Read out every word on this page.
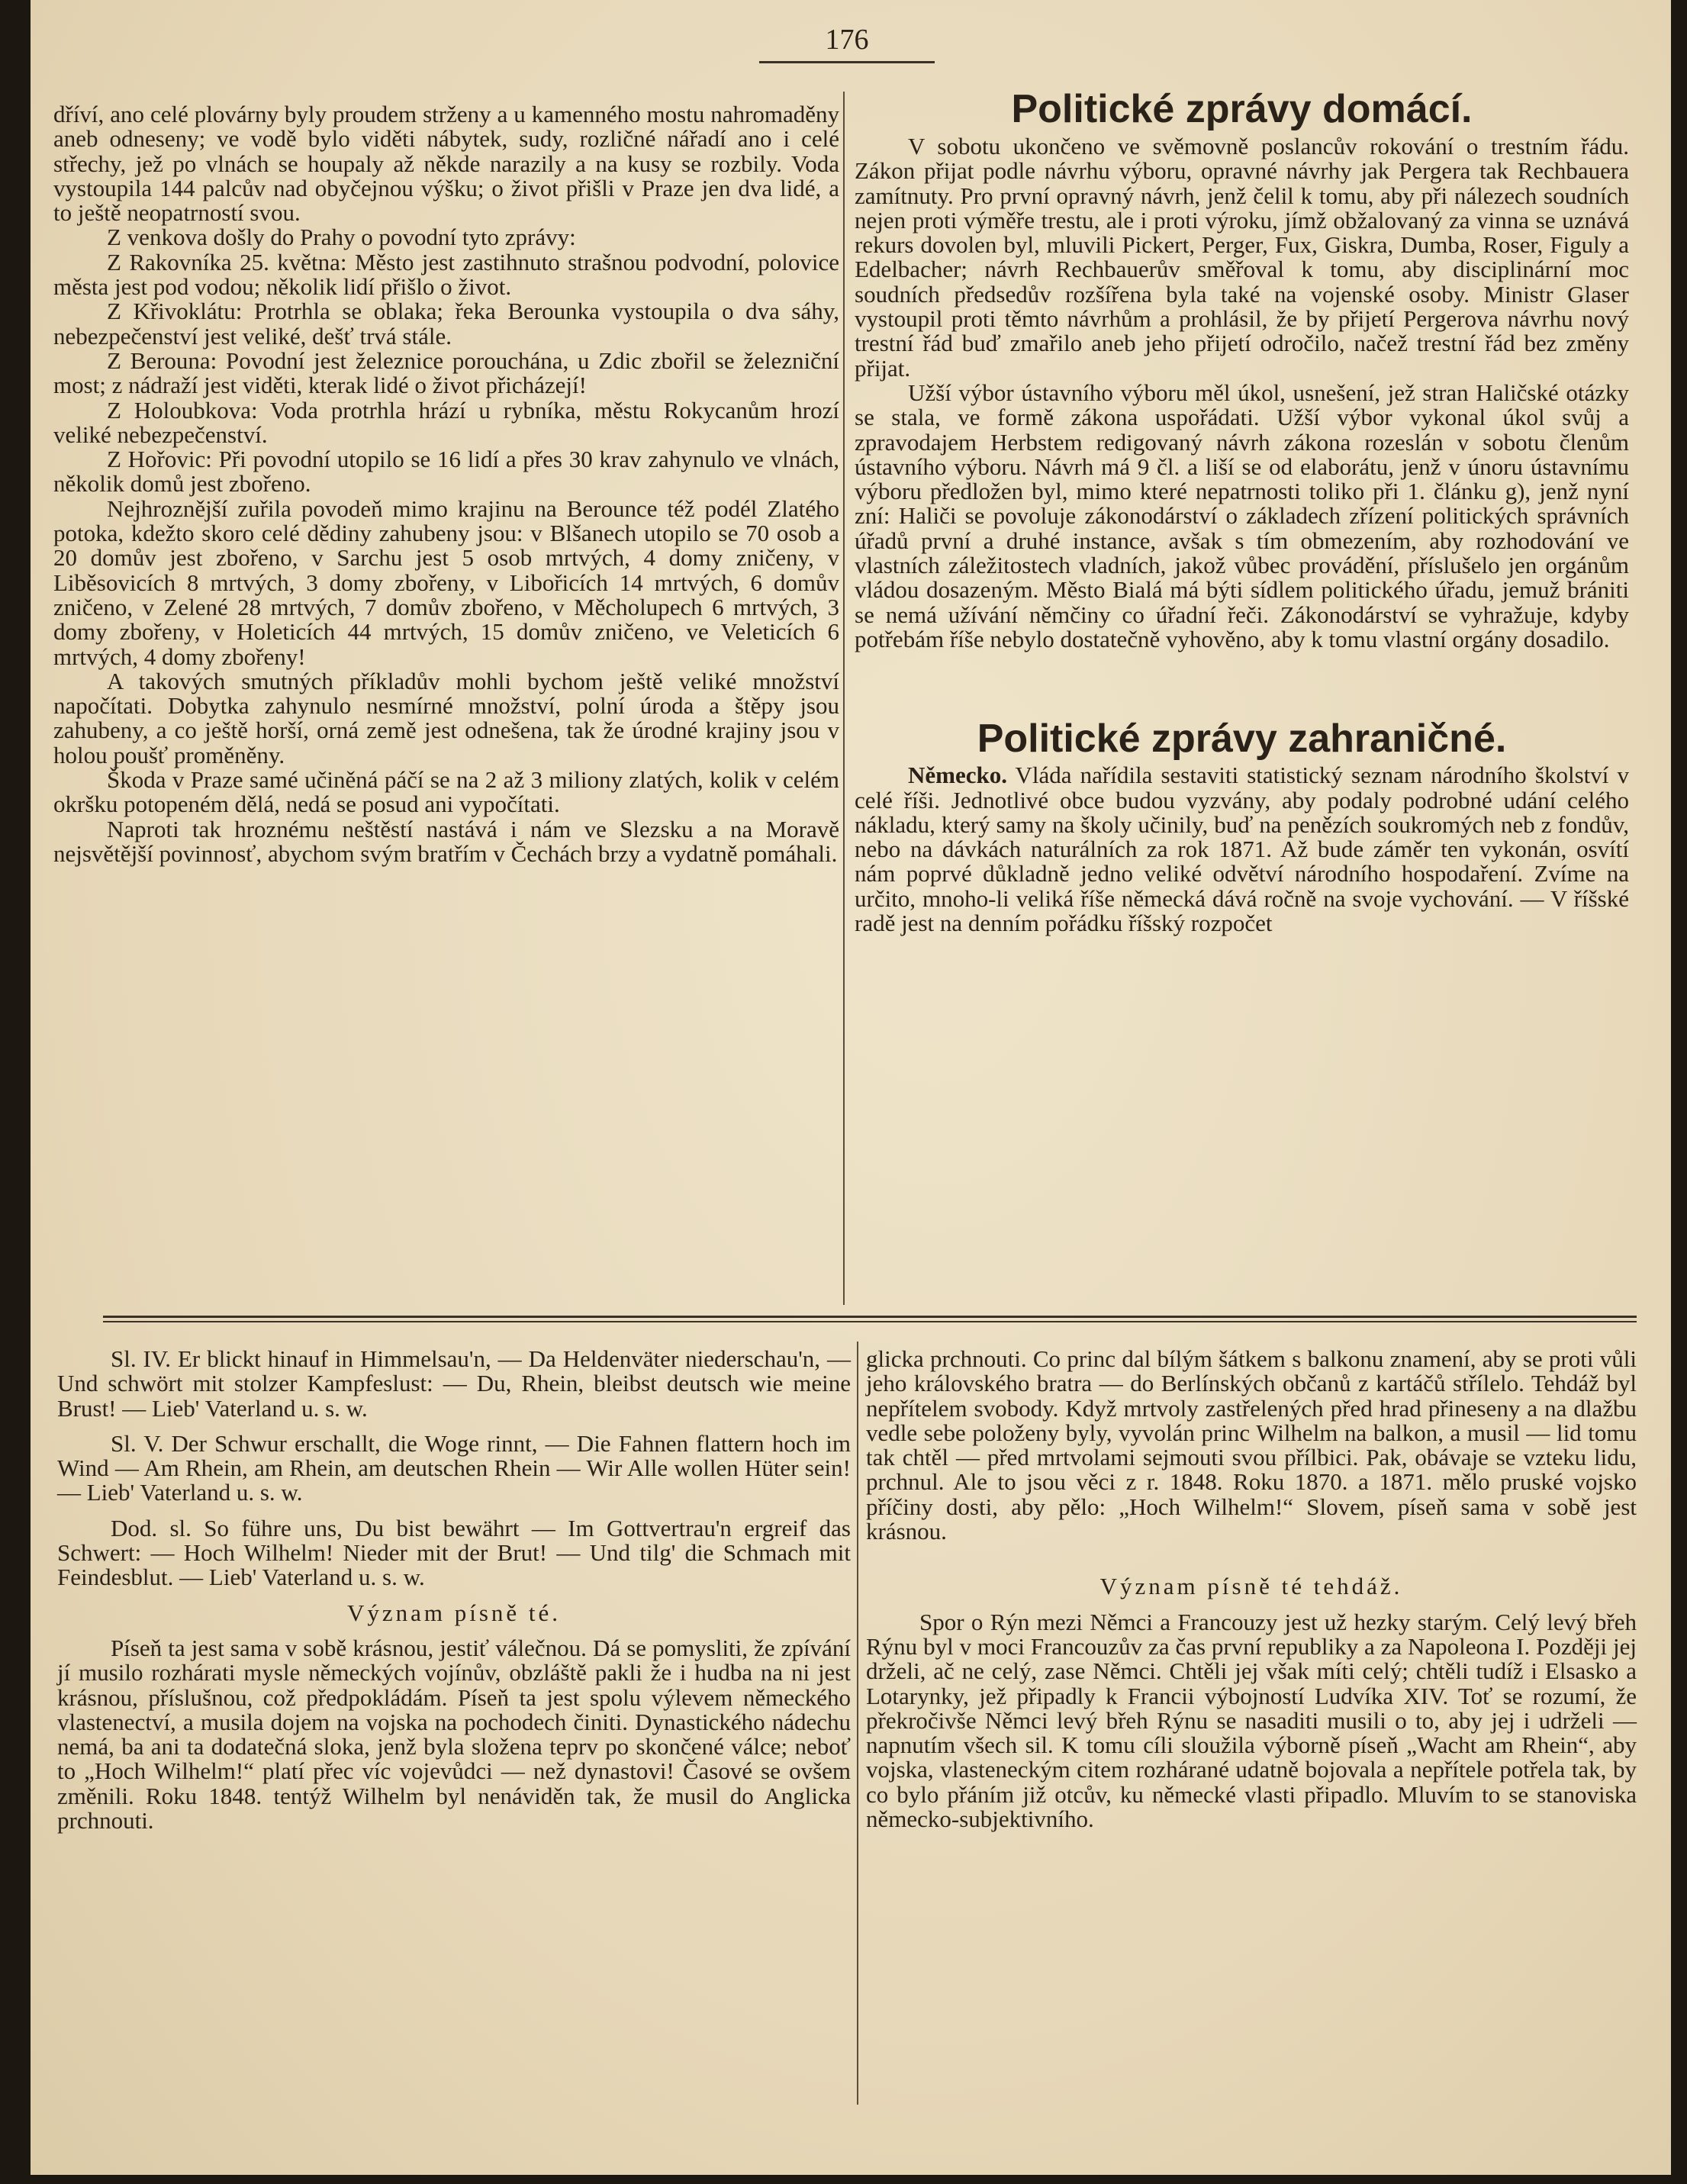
176

dříví, ano celé plovárny byly proudem strženy a u kamenného mostu nahromaděny aneb odneseny; ve vodě bylo viděti nábytek, sudy, rozličné nářadí ano i celé střechy, jež po vlnách se houpaly až někde narazily a na kusy se rozbily. Voda vystoupila 144 palcův nad obyčejnou výšku; o život přišli v Praze jen dva lidé, a to ještě neopatrností svou.

Z venkova došly do Prahy o povodní tyto zprávy:

Z Rakovníka 25. května: Město jest zastihnuto strašnou podvodní, polovice města jest pod vodou; několik lidí přišlo o život.

Z Křivoklátu: Protrhla se oblaka; řeka Berounka vystoupila o dva sáhy, nebezpečenství jest veliké, dešť trvá stále.

Z Berouna: Povodní jest železnice porouchána, u Zdic zbořil se železniční most; z nádraží jest viděti, kterak lidé o život přicházejí!

Z Holoubkova: Voda protrhla hrází u rybníka, městu Rokycanům hrozí veliké nebezpečenství.

Z Hořovic: Při povodní utopilo se 16 lidí a přes 30 krav zahynulo ve vlnách, několik domů jest zbořeno.

Nejhroznější zuřila povodeň mimo krajinu na Berounce též podél Zlatého potoka, kdežto skoro celé dědiny zahubeny jsou: v Blšanech utopilo se 70 osob a 20 domův jest zbořeno, v Sarchu jest 5 osob mrtvých, 4 domy zničeny, v Liběsovicích 8 mrtvých, 3 domy zbořeny, v Libořicích 14 mrtvých, 6 domův zničeno, v Zelené 28 mrtvých, 7 domův zbořeno, v Měcholupech 6 mrtvých, 3 domy zbořeny, v Holeticích 44 mrtvých, 15 domův zničeno, ve Veleticích 6 mrtvých, 4 domy zbořeny!

A takových smutných příkladův mohli bychom ještě veliké množství napočítati. Dobytka zahynulo nesmírné množství, polní úroda a štěpy jsou zahubeny, a co ještě horší, orná země jest odnešena, tak že úrodné krajiny jsou v holou poušť proměněny.

Škoda v Praze samé učiněná páčí se na 2 až 3 miliony zlatých, kolik v celém okršku potopeném dělá, nedá se posud ani vypočítati.

Naproti tak hroznému neštěstí nastává i nám ve Slezsku a na Moravě nejsvětější povinnosť, abychom svým bratřím v Čechách brzy a vydatně pomáhali.

Politické zprávy domácí.

V sobotu ukončeno ve svěmovně poslancův rokování o trestním řádu. Zákon přijat podle návrhu výboru, opravné návrhy jak Pergera tak Rechbauera zamítnuty. Pro první opravný návrh, jenž čelil k tomu, aby při nálezech soudních nejen proti výměře trestu, ale i proti výroku, jímž obžalovaný za vinna se uznává rekurs dovolen byl, mluvili Pickert, Perger, Fux, Giskra, Dumba, Roser, Figuly a Edelbacher; návrh Rechbauerův směřoval k tomu, aby disciplinární moc soudních předsedův rozšířena byla také na vojenské osoby. Ministr Glaser vystoupil proti těmto návrhům a prohlásil, že by přijetí Pergerova návrhu nový trestní řád buď zmařilo aneb jeho přijetí odročilo, načež trestní řád bez změny přijat.

Užší výbor ústavního výboru měl úkol, usnešení, jež stran Haličské otázky se stala, ve formě zákona uspořádati. Užší výbor vykonal úkol svůj a zpravodajem Herbstem redigovaný návrh zákona rozeslán v sobotu členům ústavního výboru. Návrh má 9 čl. a liší se od elaborátu, jenž v únoru ústavnímu výboru předložen byl, mimo které nepatrnosti toliko při 1. článku g), jenž nyní zní: Haliči se povoluje zákonodárství o základech zřízení politických správních úřadů první a druhé instance, avšak s tím obmezením, aby rozhodování ve vlastních záležitostech vladních, jakož vůbec provádění, příslušelo jen orgánům vládou dosazeným. Město Bialá má býti sídlem politického úřadu, jemuž brániti se nemá užívání němčiny co úřadní řeči. Zákonodárství se vyhražuje, kdyby potřebám říše nebylo dostatečně vyhověno, aby k tomu vlastní orgány dosadilo.

Politické zprávy zahraničné.

Německo. Vláda nařídila sestaviti statistický seznam národního školství v celé říši. Jednotlivé obce budou vyzvány, aby podaly podrobné udání celého nákladu, který samy na školy učinily, buď na penězích soukromých neb z fondův, nebo na dávkách naturálních za rok 1871. Až bude záměr ten vykonán, osvítí nám poprvé důkladně jedno veliké odvětví národního hospodaření. Zvíme na určito, mnoho-li veliká říše německá dává ročně na svoje vychování. — V říšské radě jest na denním pořádku říšský rozpočet

Sl. IV. Er blickt hinauf in Himmelsau'n, — Da Heldenväter niederschau'n, — Und schwört mit stolzer Kampfeslust: — Du, Rhein, bleibst deutsch wie meine Brust! — Lieb' Vaterland u. s. w.

Sl. V. Der Schwur erschallt, die Woge rinnt, — Die Fahnen flattern hoch im Wind — Am Rhein, am Rhein, am deutschen Rhein — Wir Alle wollen Hüter sein! — Lieb' Vaterland u. s. w.

Dod. sl. So führe uns, Du bist bewährt — Im Gottvertrau'n ergreif das Schwert: — Hoch Wilhelm! Nieder mit der Brut! — Und tilg' die Schmach mit Feindesblut. — Lieb' Vaterland u. s. w.

Význam písně té.

Píseň ta jest sama v sobě krásnou, jestiť válečnou. Dá se pomysliti, že zpívání jí musilo rozhárati mysle německých vojínův, obzláště pakli že i hudba na ni jest krásnou, příslušnou, což předpokládám. Píseň ta jest spolu výlevem německého vlastenectví, a musila dojem na vojska na pochodech činiti. Dynastického nádechu nemá, ba ani ta dodatečná sloka, jenž byla složena teprv po skončené válce; neboť to „Hoch Wilhelm!“ platí přec víc vojevůdci — než dynastovi! Časové se ovšem změnili. Roku 1848. tentýž Wilhelm byl nenáviděn tak, že musil do Anglicka prchnouti.

glicka prchnouti. Co princ dal bílým šátkem s balkonu znamení, aby se proti vůli jeho královského bratra — do Berlínských občanů z kartáčů střílelo. Tehdáž byl nepřítelem svobody. Když mrtvoly zastřelených před hrad přineseny a na dlažbu vedle sebe položeny byly, vyvolán princ Wilhelm na balkon, a musil — lid tomu tak chtěl — před mrtvolami sejmouti svou přílbici. Pak, obávaje se vzteku lidu, prchnul. Ale to jsou věci z r. 1848. Roku 1870. a 1871. mělo pruské vojsko příčiny dosti, aby pělo: „Hoch Wilhelm!“ Slovem, píseň sama v sobě jest krásnou.

Význam písně té tehdáž.

Spor o Rýn mezi Němci a Francouzy jest už hezky starým. Celý levý břeh Rýnu byl v moci Francouzův za čas první republiky a za Napoleona I. Později jej drželi, ač ne celý, zase Němci. Chtěli jej však míti celý; chtěli tudíž i Elsasko a Lotarynky, jež připadly k Francii výbojností Ludvíka XIV. Toť se rozumí, že překročivše Němci levý břeh Rýnu se nasaditi musili o to, aby jej i udrželi — napnutím všech sil. K tomu cíli sloužila výborně píseň „Wacht am Rhein“, aby vojska, vlasteneckým citem rozhárané udatně bojovala a nepřítele potřela tak, by co bylo přáním již otcův, ku německé vlasti připadlo. Mluvím to se stanoviska německo-subjektivního.
